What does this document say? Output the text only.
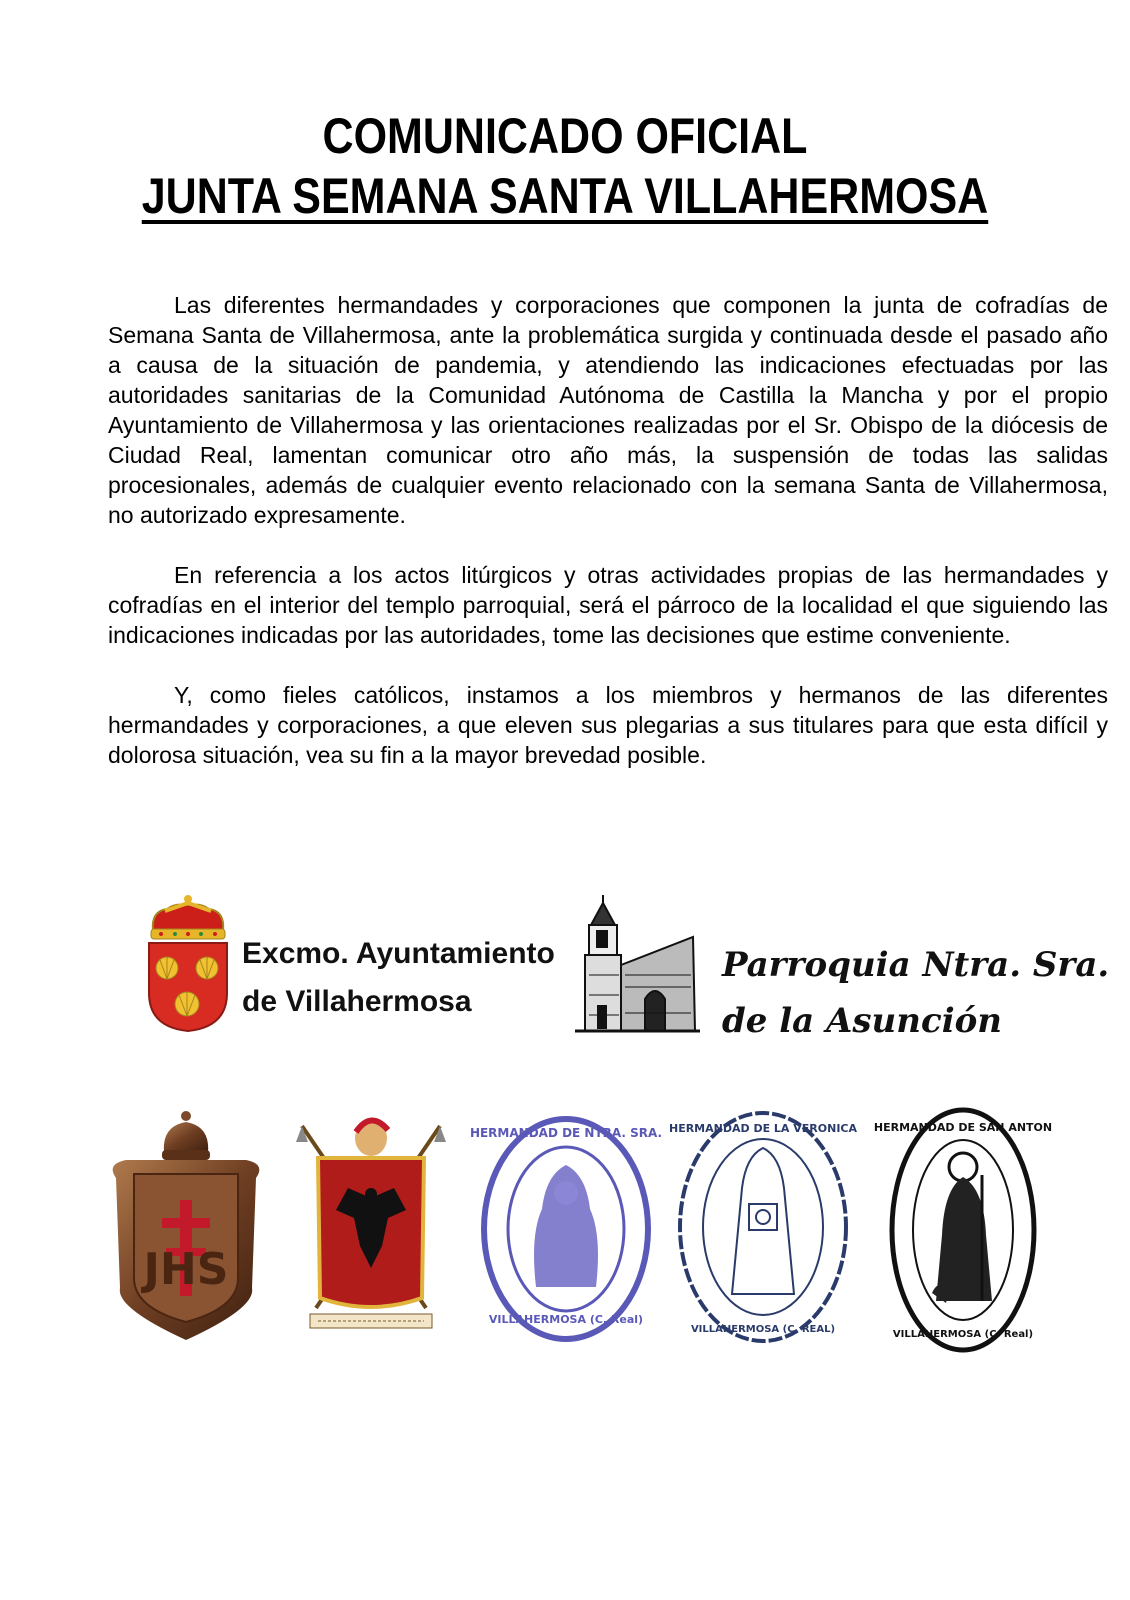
COMUNICADO OFICIAL
JUNTA SEMANA SANTA VILLAHERMOSA

Las diferentes hermandades y corporaciones que componen la junta de cofradías de Semana Santa de Villahermosa, ante la problemática surgida y continuada desde el pasado año a causa de la situación de pandemia, y atendiendo las indicaciones efectuadas por las autoridades sanitarias de la Comunidad Autónoma de Castilla la Mancha y por el propio Ayuntamiento de Villahermosa y las orientaciones realizadas por el Sr. Obispo de la diócesis de Ciudad Real, lamentan comunicar otro año más, la suspensión de todas las salidas procesionales, además de cualquier evento relacionado con la semana Santa de Villahermosa, no autorizado expresamente.

En referencia a los actos litúrgicos y otras actividades propias de las hermandades y cofradías en el interior del templo parroquial, será el párroco de la localidad el que siguiendo las indicaciones indicadas por las autoridades, tome las decisiones que estime conveniente.

Y, como fieles católicos, instamos a los miembros y hermanos de las diferentes hermandades y corporaciones, a que eleven sus plegarias a sus titulares para que esta difícil y dolorosa situación, vea su fin a la mayor brevedad posible.

Excmo. Ayuntamiento
de Villahermosa
Parroquia Ntra. Sra.
de la Asunción
JHS
HERMANDAD DE NTRA. SRA.
VILLAHERMOSA (C. Real)
HERMANDAD DE LA VERONICA
VILLAHERMOSA (C. REAL)
HERMANDAD DE SAN ANTON
VILLAHERMOSA (C. Real)
